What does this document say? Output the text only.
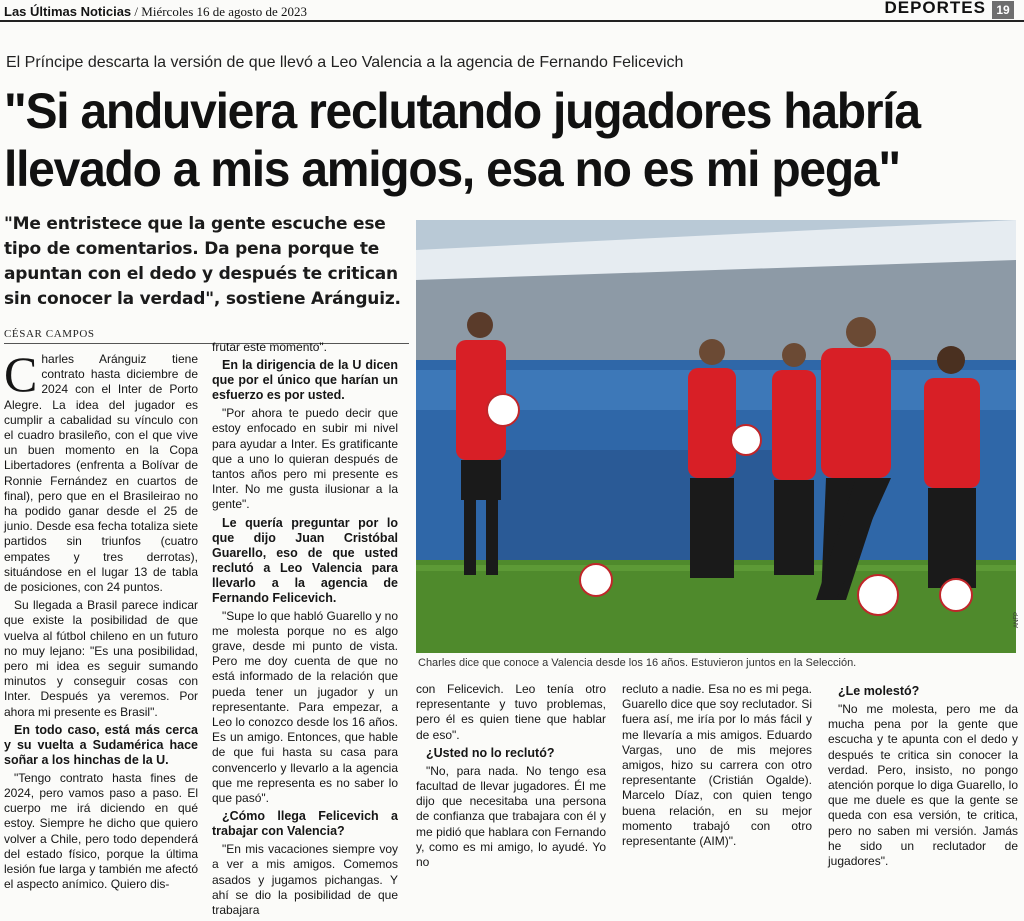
Las Últimas Noticias / Miércoles 16 de agosto de 2023	DEPORTES 19
El Príncipe descarta la versión de que llevó a Leo Valencia a la agencia de Fernando Felicevich
"Si anduviera reclutando jugadores habría llevado a mis amigos, esa no es mi pega"
"Me entristece que la gente escuche ese tipo de comentarios. Da pena porque te apuntan con el dedo y después te critican sin conocer la verdad", sostiene Aránguiz.
CÉSAR CAMPOS

Charles Aránguiz tiene contrato hasta diciembre de 2024 con el Inter de Porto Alegre. La idea del jugador es cumplir a cabalidad su vínculo con el cuadro brasileño, con el que vive un buen momento en la Copa Libertadores (enfrenta a Bolívar de Ronnie Fernández en cuartos de final), pero que en el Brasileirao no ha podido ganar desde el 25 de junio. Desde esa fecha totaliza siete partidos sin triunfos (cuatro empates y tres derrotas), situándose en el lugar 13 de tabla de posiciones, con 24 puntos.

Su llegada a Brasil parece indicar que existe la posibilidad de que vuelva al fútbol chileno en un futuro no muy lejano: "Es una posibilidad, pero mi idea es seguir sumando minutos y conseguir cosas con Inter. Después ya veremos. Por ahora mi presente es Brasil".

En todo caso, está más cerca y su vuelta a Sudamérica hace soñar a los hinchas de la U.

"Tengo contrato hasta fines de 2024, pero vamos paso a paso. El cuerpo me irá diciendo en qué estoy. Siempre he dicho que quiero volver a Chile, pero todo dependerá del estado físico, porque la última lesión fue larga y también me afectó el aspecto anímico. Quiero dis-

frutar este momento".

En la dirigencia de la U dicen que por el único que harían un esfuerzo es por usted.

"Por ahora te puedo decir que estoy enfocado en subir mi nivel para ayudar a Inter. Es gratificante que a uno lo quieran después de tantos años pero mi presente es Inter. No me gusta ilusionar a la gente".

Le quería preguntar por lo que dijo Juan Cristóbal Guarello, eso de que usted reclutó a Leo Valencia para llevarlo a la agencia de Fernando Felicevich.

"Supe lo que habló Guarello y no me molesta porque no es algo grave, desde mi punto de vista. Pero me doy cuenta de que no está informado de la relación que pueda tener un jugador y un representante. Para empezar, a Leo lo conozco desde los 16 años. Es un amigo. Entonces, que hable de que fui hasta su casa para convencerlo y llevarlo a la agencia que me representa es no saber lo que pasó".

¿Cómo llega Felicevich a trabajar con Valencia?

"En mis vacaciones siempre voy a ver a mis amigos. Comemos asados y jugamos pichangas. Y ahí se dio la posibilidad de que trabajara

ANFP
Charles dice que conoce a Valencia desde los 16 años. Estuvieron juntos en la Selección.

con Felicevich. Leo tenía otro representante y tuvo problemas, pero él es quien tiene que hablar de eso".

¿Usted no lo reclutó?

"No, para nada. No tengo esa facultad de llevar jugadores. Él me dijo que necesitaba una persona de confianza que trabajara con él y me pidió que hablara con Fernando y, como es mi amigo, lo ayudé. Yo no

recluto a nadie. Esa no es mi pega. Guarello dice que soy reclutador. Si fuera así, me iría por lo más fácil y me llevaría a mis amigos. Eduardo Vargas, uno de mis mejores amigos, hizo su carrera con otro representante (Cristián Ogalde). Marcelo Díaz, con quien tengo buena relación, en su mejor momento trabajó con otro representante (AIM)".

¿Le molestó?

"No me molesta, pero me da mucha pena por la gente que escucha y te apunta con el dedo y después te critica sin conocer la verdad. Pero, insisto, no pongo atención porque lo diga Guarello, lo que me duele es que la gente se queda con esa versión, te critica, pero no saben mi versión. Jamás he sido un reclutador de jugadores".
